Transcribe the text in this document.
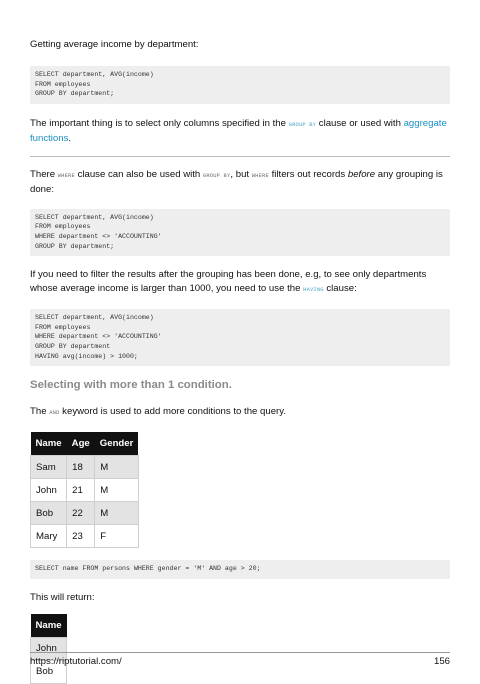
Getting average income by department:

SELECT department, AVG(income)
FROM employees
GROUP BY department;

The important thing is to select only columns specified in the GROUP BY clause or used with aggregate functions.

There WHERE clause can also be used with GROUP BY, but WHERE filters out records before any grouping is done:

SELECT department, AVG(income)
FROM employees
WHERE department <> 'ACCOUNTING'
GROUP BY department;

If you need to filter the results after the grouping has been done, e.g, to see only departments whose average income is larger than 1000, you need to use the HAVING clause:

SELECT department, AVG(income)
FROM employees
WHERE department <> 'ACCOUNTING'
GROUP BY department
HAVING avg(income) > 1000;
Selecting with more than 1 condition.

The AND keyword is used to add more conditions to the query.

Name	Age	Gender
Sam	18	M
John	21	M
Bob	22	M
Mary	23	F
SELECT name FROM persons WHERE gender = 'M' AND age > 20;

This will return:

Name
John
Bob
https://riptutorial.com/	156
